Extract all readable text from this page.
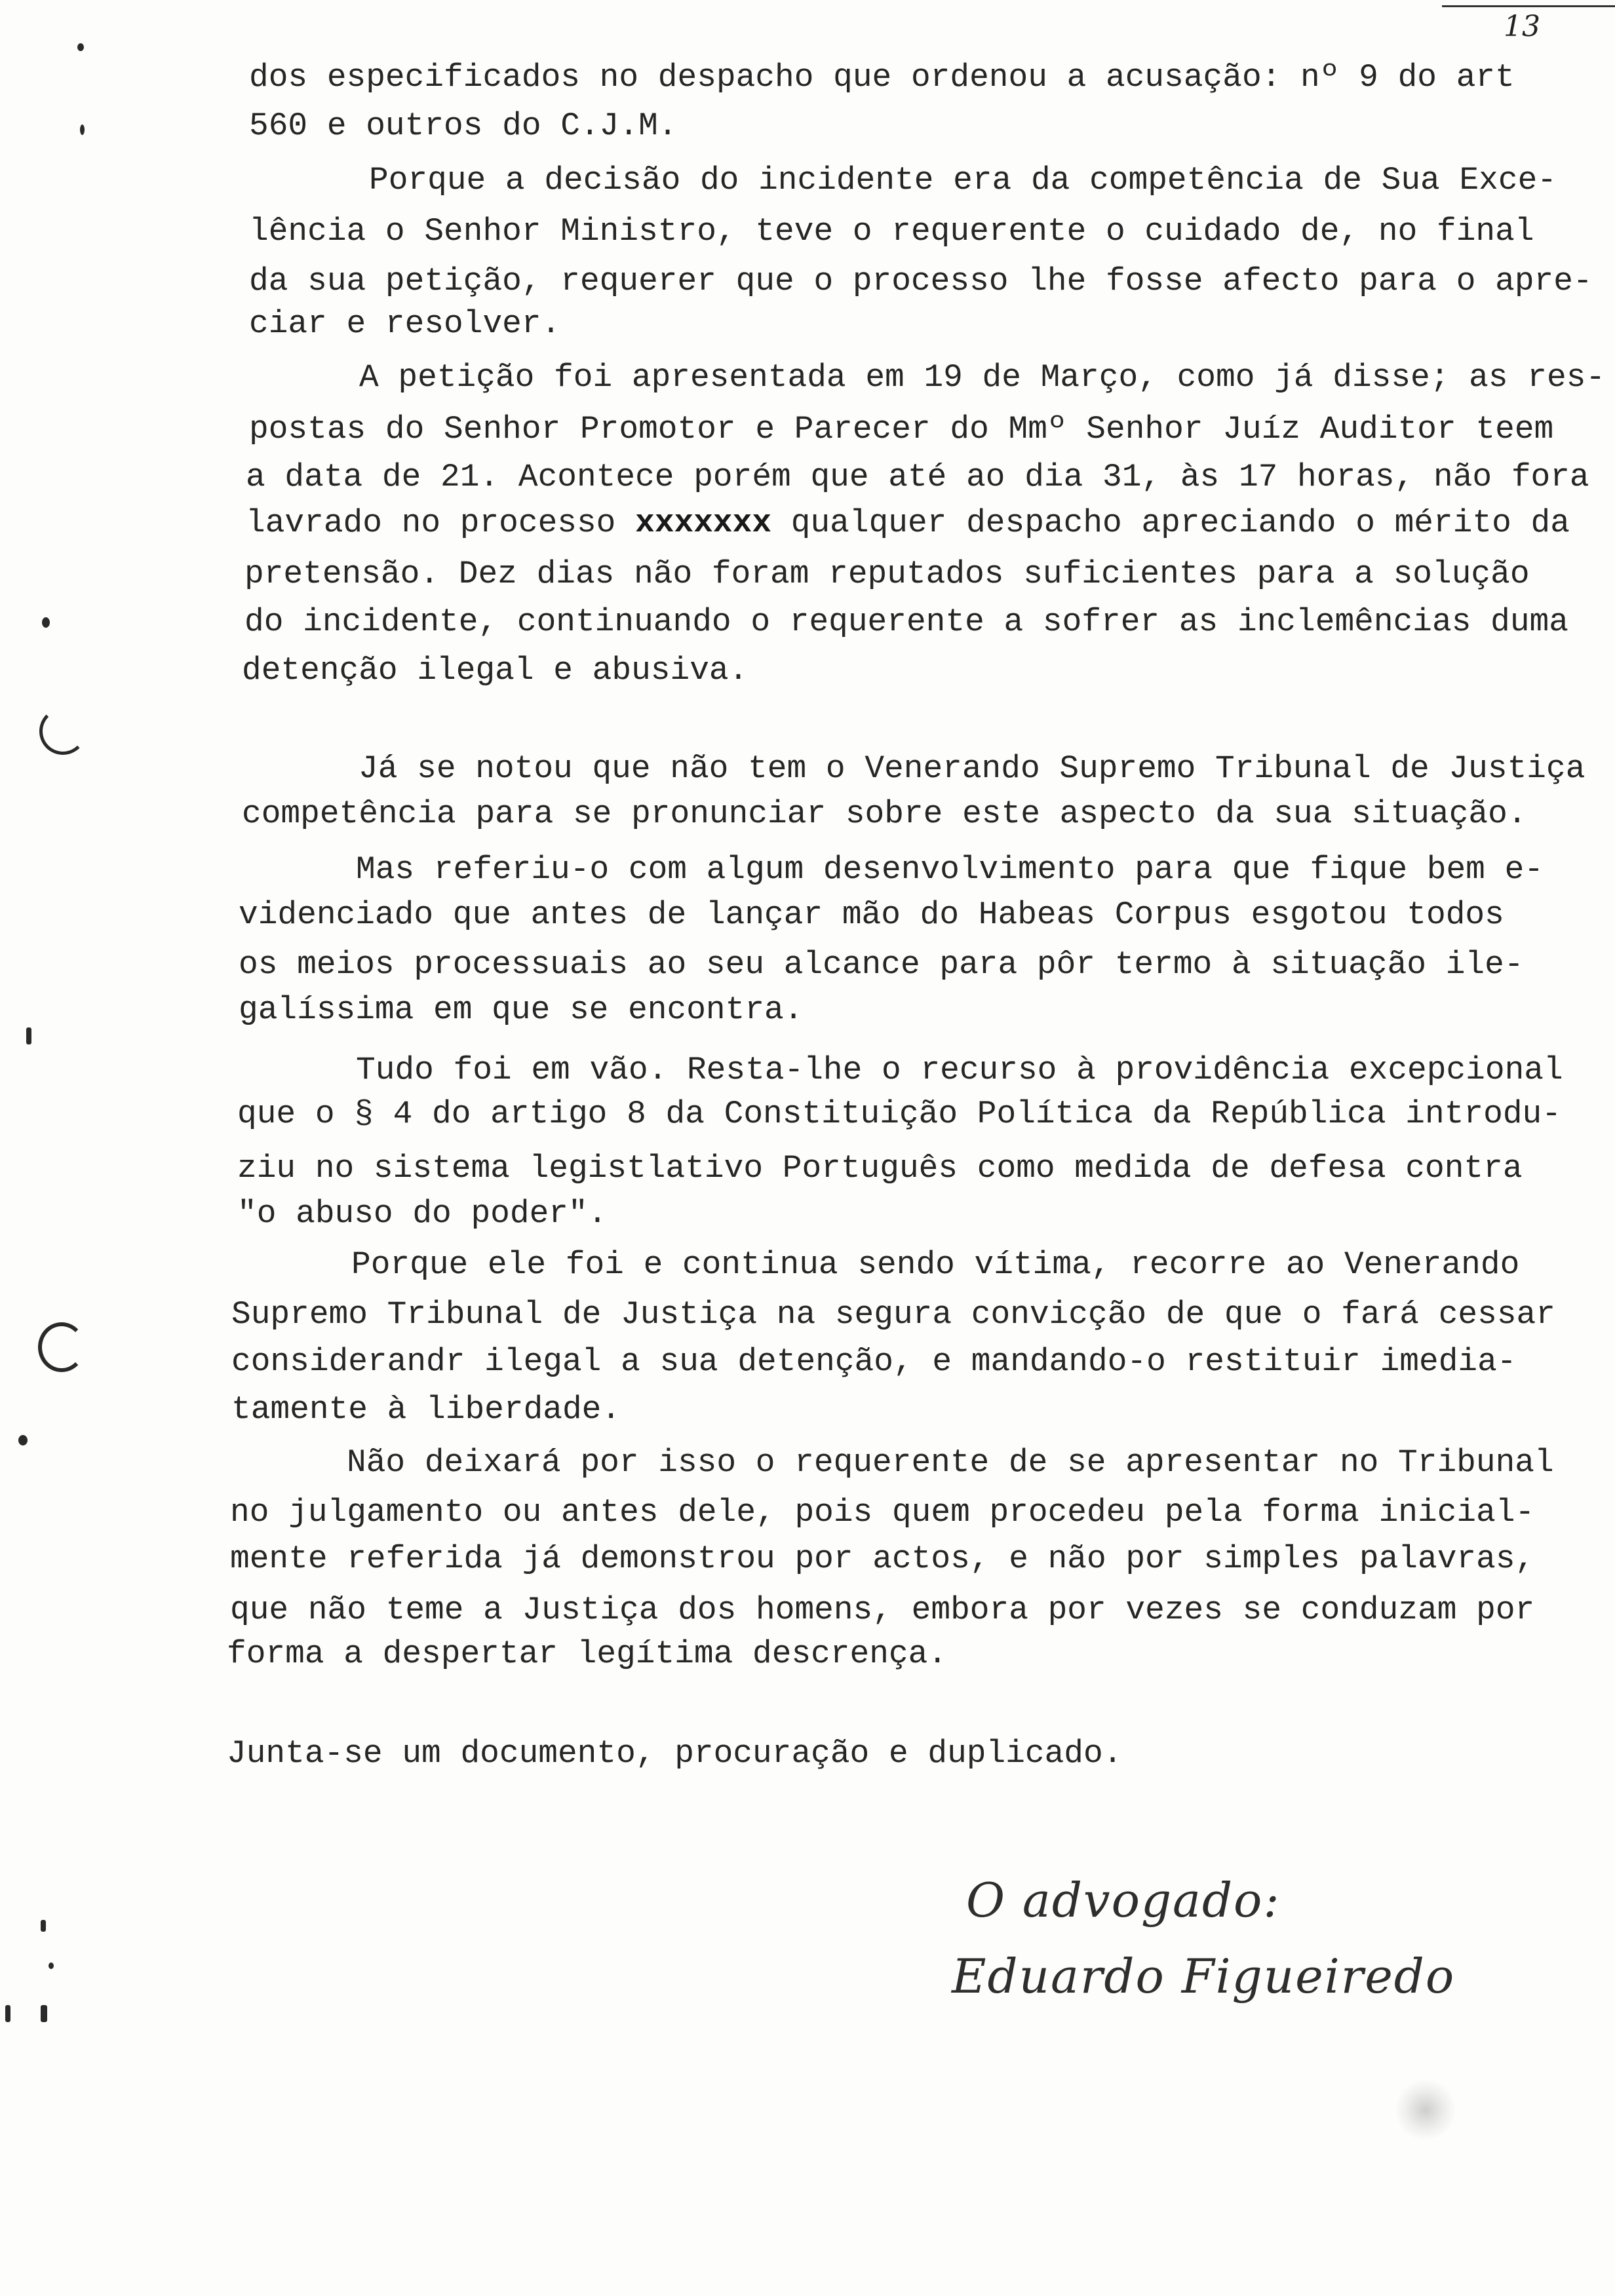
13
dos especificados no despacho que ordenou a acusação: nº 9 do art
560 e outros do C.J.M.
Porque a decisão do incidente era da competência de Sua Exce-
lência o Senhor Ministro, teve o requerente o cuidado de, no final
da sua petição, requerer que o processo lhe fosse afecto para o apre-
ciar e resolver.
A petição foi apresentada em 19 de Março, como já disse; as res-
postas do Senhor Promotor e Parecer do Mmº Senhor Juíz Auditor teem
a data de 21. Acontece porém que até ao dia 31, às 17 horas, não fora
lavrado no processo xxxxxxx qualquer despacho apreciando o mérito da
pretensão. Dez dias não foram reputados suficientes para a solução
do incidente, continuando o requerente a sofrer as inclemências duma
detenção ilegal e abusiva.
Já se notou que não tem o Venerando Supremo Tribunal de Justiça
competência para se pronunciar sobre este aspecto da sua situação.
Mas referiu-o com algum desenvolvimento para que fique bem e-
videnciado que antes de lançar mão do Habeas Corpus esgotou todos
os meios processuais ao seu alcance para pôr termo à situação ile-
galíssima em que se encontra.
Tudo foi em vão. Resta-lhe o recurso à providência excepcional
que o § 4 do artigo 8 da Constituição Política da República introdu-
ziu no sistema legistlativo Português como medida de defesa contra
"o abuso do poder".
Porque ele foi e continua sendo vítima, recorre ao Venerando
Supremo Tribunal de Justiça na segura convicção de que o fará cessar
considerandr ilegal a sua detenção, e mandando-o restituir imedia-
tamente à liberdade.
Não deixará por isso o requerente de se apresentar no Tribunal
no julgamento ou antes dele, pois quem procedeu pela forma inicial-
mente referida já demonstrou por actos, e não por simples palavras,
que não teme a Justiça dos homens, embora por vezes se conduzam por
forma a despertar legítima descrença.
Junta-se um documento, procuração e duplicado.
O advogado:
Eduardo Figueiredo
